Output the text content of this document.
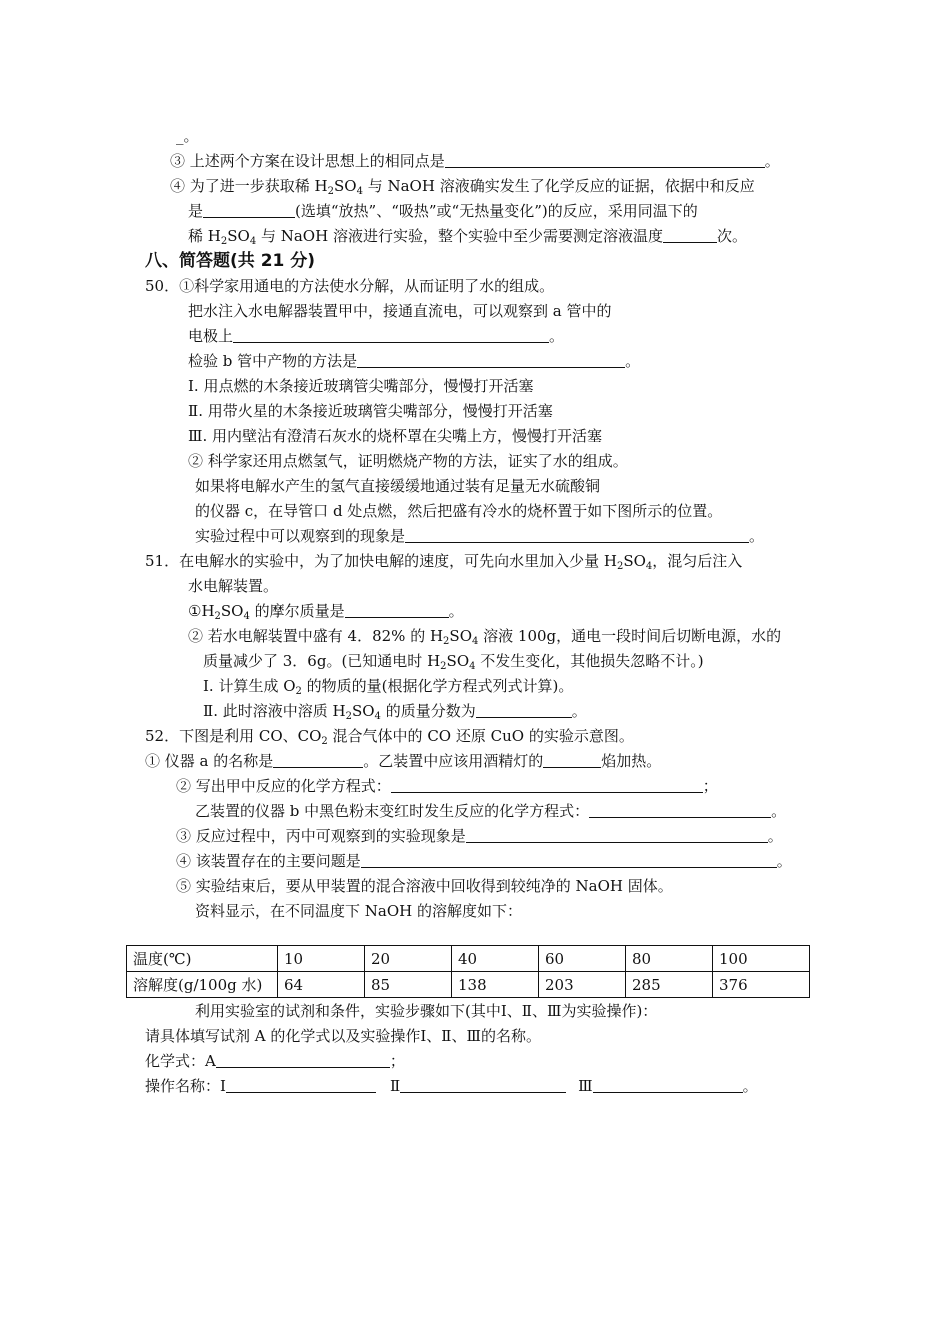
_。
③ 上述两个方案在设计思想上的相同点是	。
④ 为了进一步获取稀 $H_2SO_4$ 与 NaOH 溶液确实发生了化学反应的证据，依据中和反应
是	(选填“放热”、“吸热”或“无热量变化”)的反应，采用同温下的
稀 $H_2SO_4$ 与 NaOH 溶液进行实验，整个实验中至少需要测定溶液温度	次。
八、简答题(共 21 分)
50．①科学家用通电的方法使水分解，从而证明了水的组成。
把水注入水电解器装置甲中，接通直流电，可以观察到 a 管中的
电极上	。
检验 b 管中产物的方法是	。
Ⅰ. 用点燃的木条接近玻璃管尖嘴部分，慢慢打开活塞
Ⅱ. 用带火星的木条接近玻璃管尖嘴部分，慢慢打开活塞
Ⅲ. 用内壁沾有澄清石灰水的烧杯罩在尖嘴上方，慢慢打开活塞
② 科学家还用点燃氢气，证明燃烧产物的方法，证实了水的组成。
如果将电解水产生的氢气直接缓缓地通过装有足量无水硫酸铜
的仪器 c，在导管口 d 处点燃，然后把盛有冷水的烧杯置于如下图所示的位置。
实验过程中可以观察到的现象是	。
51．在电解水的实验中，为了加快电解的速度，可先向水里加入少量 $H_2SO_4$，混匀后注入
水电解装置。
$①H_2SO_4$ 的摩尔质量是	。
② 若水电解装置中盛有 4．82% 的 $H_2SO_4$ 溶液 100g，通电一段时间后切断电源，水的
质量减少了 3．6g。(已知通电时 $H_2SO_4$ 不发生变化，其他损失忽略不计。)
Ⅰ. 计算生成 $O_2$ 的物质的量(根据化学方程式列式计算)。
Ⅱ. 此时溶液中溶质 $H_2SO_4$ 的质量分数为	。
52．下图是利用 CO、$CO_2$ 混合气体中的 CO 还原 CuO 的实验示意图。
① 仪器 a 的名称是	。乙装置中应该用酒精灯的	焰加热。
② 写出甲中反应的化学方程式：	；
乙装置的仪器 b 中黑色粉末变红时发生反应的化学方程式：	。
③ 反应过程中，丙中可观察到的实验现象是	。
④ 该装置存在的主要问题是	。
⑤ 实验结束后，要从甲装置的混合溶液中回收得到较纯净的 NaOH 固体。
资料显示，在不同温度下 NaOH 的溶解度如下：
温度(℃)	10	20	40	60	80	100
溶解度(g/100g 水)	64	85	138	203	285	376
利用实验室的试剂和条件，实验步骤如下(其中Ⅰ、Ⅱ、Ⅲ为实验操作)：
请具体填写试剂 A 的化学式以及实验操作Ⅰ、Ⅱ、Ⅲ的名称。
化学式：A	；
操作名称：Ⅰ	Ⅱ	Ⅲ	。
